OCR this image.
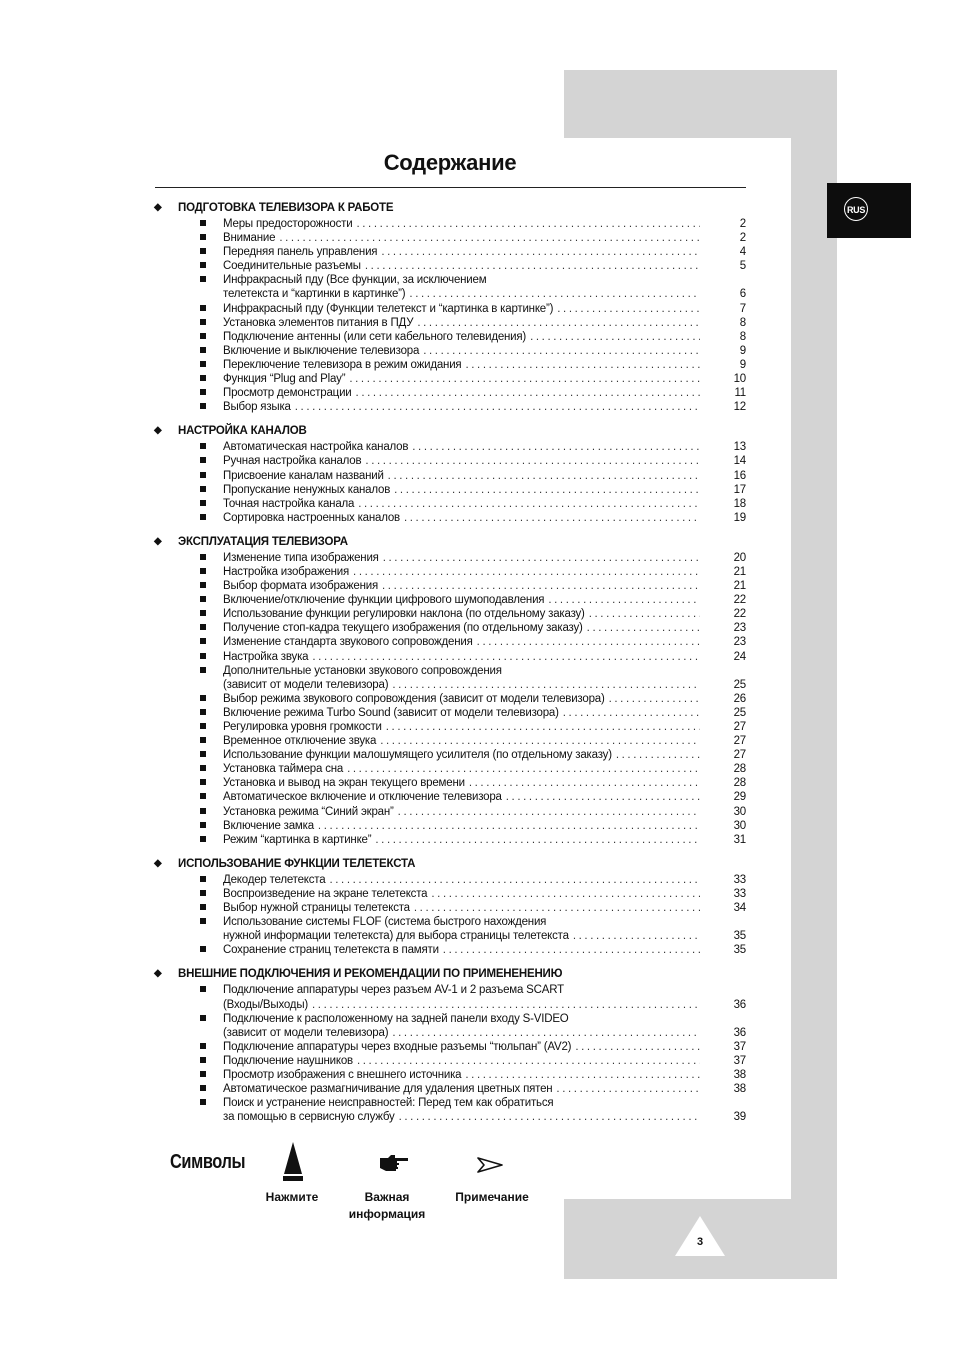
RUS
Содержание
◆ ПОДГОТОВКА ТЕЛЕВИЗОРА К РАБОТЕ
Меры предосторожности .....	2
Внимание .....	2
Передняя панель управления .....	4
Соединительные разъемы .....	5
Инфракрасный пду (Все функции, за исключением
телетекста и “картинки в картинке”) .....	6
Инфракрасный пду (Функции телетекст и “картинка в картинке”) .....	7
Установка элементов питания в ПДУ .....	8
Подключение антенны (или сети кабельного телевидения) .....	8
Включение и выключение телевизора .....	9
Переключение телевизора в режим ожидания .....	9
Функция “Plug and Play” .....	10
Просмотр демонстрации .....	11
Выбор языка .....	12
◆ НАСТРОЙКА КАНАЛОВ
Автоматическая настройка каналов .....	13
Ручная настройка каналов .....	14
Присвоение каналам названий .....	16
Пропускание ненужных каналов .....	17
Точная настройка канала .....	18
Сортировка настроенных каналов .....	19
◆ ЭКСПЛУАТАЦИЯ ТЕЛЕВИЗОРА
Изменение типа изображения .....	20
Настройка изображения .....	21
Выбор формата изображения .....	21
Включение/отключение функции цифрового шумоподавления .....	22
Использование функции регулировки наклона (по отдельному заказу) .....	22
Получение стоп-кадра текущего изображения (по отдельному заказу) .....	23
Изменение стандарта звукового сопровождения .....	23
Настройка звука .....	24
Дополнительные установки звукового сопровождения
(зависит от модели телевизора) .....	25
Выбор режима звукового сопровождения (зависит от модели телевизора) .....	26
Включение режима Turbo Sound (зависит от модели телевизора) .....	25
Регулировка уровня громкости .....	27
Временное отключение звука .....	27
Использование функции малошумящего усилителя (по отдельному заказу) .....	27
Установка таймера сна .....	28
Установка и вывод на экран текущего времени .....	28
Автоматическое включение и отключение телевизора .....	29
Установка режима “Синий экран” .....	30
Включение замка .....	30
Режим “картинка в картинке” .....	31
◆ ИСПОЛЬЗОВАНИЕ ФУНКЦИИ ТЕЛЕТЕКСТА
Декодер телетекста .....	33
Воспроизведение на экране телетекста .....	33
Выбор нужной страницы телетекста .....	34
Использование системы FLOF (система быстрого нахождения
нужной информации телетекста) для выбора страницы телетекста .....	35
Сохранение страниц телетекста в памяти .....	35
◆ ВНЕШНИЕ ПОДКЛЮЧЕНИЯ И РЕКОМЕНДАЦИИ ПО ПРИМЕНЕНЕНИЮ
Подключение аппаратуры через разъем AV-1 и 2 разъема SCART
(Входы/Выходы) .....	36
Подключение к расположенному на задней панели входу S-VIDEO
(зависит от модели телевизора) .....	36
Подключение аппаратуры через входные разъемы “тюльпан” (AV2) .....	37
Подключение наушников .....	37
Просмотр изображения с внешнего источника .....	38
Автоматическое размагничивание для удаления цветных пятен .....	38
Поиск и устранение неисправностей: Перед тем как обратиться
за помощью в сервисную службу .....	39
Символы
Нажмите	Важная
информация
Примечание
3
